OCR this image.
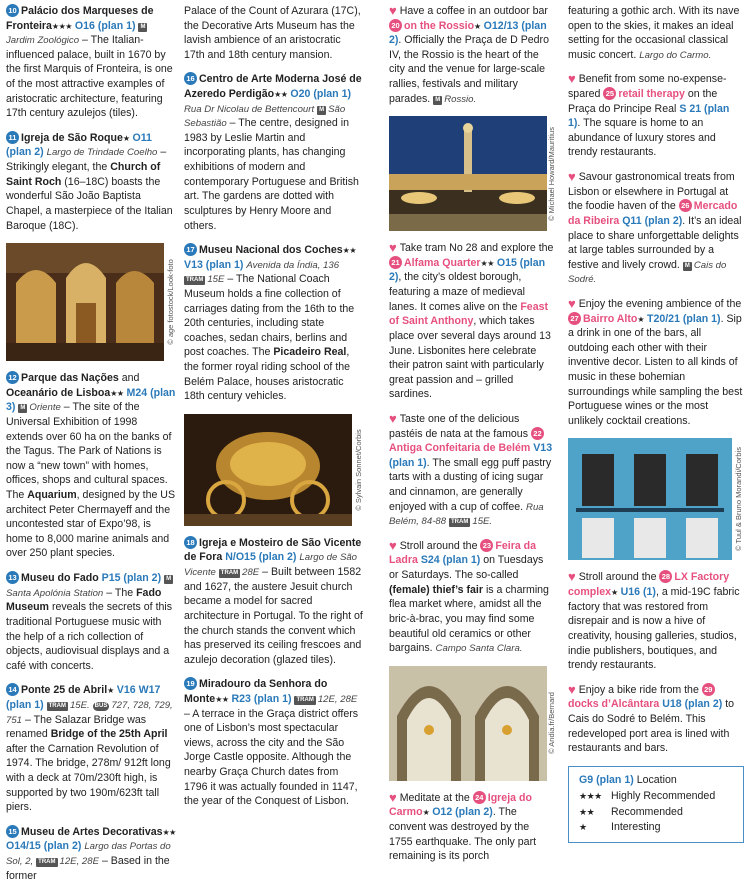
10 Palácio dos Marqueses de Fronteira★★★ O16 (plan 1) MJardim Zoológico – The Italian-influenced palace, built in 1670 by the first Marquis of Fronteira, is one of the most attractive examples of aristocratic architecture, featuring 17th century azulejos (tiles).
11 Igreja de São Roque★ O11 (plan 2) Largo de Trindade Coelho – Strikingly elegant, the Church of Saint Roch (16–18C) boasts the wonderful São João Baptista Chapel, a masterpiece of the Italian Baroque (18C).
© age fotostock/Look-foto
12 Parque das Nações and Oceanário de Lisboa★★ M24 (plan 3) M Oriente – The site of the Universal Exhibition of 1998 extends over 60 ha on the banks of the Tagus. The Park of Nations is now a “new town” with homes, offices, shops and cultural spaces. The Aquarium, designed by the US architect Peter Chermayeff and the uncontested star of Expo’98, is home to 8,000 marine animals and over 250 plant species.
13 Museu do Fado P15 (plan 2) MSanta Apolónia Station – The Fado Museum reveals the secrets of this traditional Portuguese music with the help of a rich collection of objects, audiovisual displays and a café with concerts.
14 Ponte 25 de Abril★ V16 W17 (plan 1) TRAM 15E. BUS 727, 728, 729, 751 – The Salazar Bridge was renamed Bridge of the 25th April after the Carnation Revolution of 1974. The bridge, 278m/ 912ft long with a deck at 70m/230ft high, is supported by two 190m/623ft tall piers.
15 Museu de Artes Decorativas★★ O14/15 (plan 2) Largo das Portas do Sol, 2, TRAM 12E, 28E – Based in the former
Palace of the Count of Azurara (17C), the Decorative Arts Museum has the lavish ambience of an aristocratic 17th and 18th century mansion.
16 Centro de Arte Moderna José de Azeredo Perdigão★★ O20 (plan 1) Rua Dr Nicolau de Bettencourt M São Sebastião – The centre, designed in 1983 by Leslie Martin and incorporating plants, has changing exhibitions of modern and contemporary Portuguese and British art. The gardens are dotted with sculptures by Henry Moore and others.
17 Museu Nacional dos Coches★★ V13 (plan 1) Avenida da Índia, 136 TRAM 15E – The National Coach Museum holds a fine collection of carriages dating from the 16th to the 20th centuries, including state coaches, sedan chairs, berlins and post coaches. The Picadeiro Real, the former royal riding school of the Belém Palace, houses aristocratic 18th century vehicles.
© Sylvain Sonnet/Corbis
18 Igreja e Mosteiro de São Vicente de Fora N/O15 (plan 2) Largo de São Vicente TRAM 28E – Built between 1582 and 1627, the austere Jesuit church became a model for sacred architecture in Portugal. To the right of the church stands the convent which has preserved its ceiling frescoes and azulejo decoration (glazed tiles).
19 Miradouro da Senhora do Monte★★ R23 (plan 1) TRAM 12E, 28E – A terrace in the Graça district offers one of Lisbon’s most spectacular views, across the city and the São Jorge Castle opposite. Although the nearby Graça Church dates from 1796 it was actually founded in 1147, the year of the Conquest of Lisbon.
♥ Have a coffee in an outdoor bar 20 on the Rossio★ O12/13 (plan 2). Officially the Praça de D Pedro IV, the Rossio is the heart of the city and the venue for large-scale rallies, festivals and military parades. M Rossio.
© Michael Howard/Mauritius
♥ Take tram No 28 and explore the 21 Alfama Quarter★★ O15 (plan 2), the city’s oldest borough, featuring a maze of medieval lanes. It comes alive on the Feast of Saint Anthony, which takes place over several days around 13 June. Lisbonites here celebrate their patron saint with particularly great passion and – grilled sardines.
♥ Taste one of the delicious pastéis de nata at the famous 22Antiga Confeitaria de Belém V13 (plan 1). The small egg puff pastry tarts with a dusting of icing sugar and cinnamon, are generally enjoyed with a cup of coffee. Rua Belém, 84-88 TRAM 15E.
♥ Stroll around the 23 Feira da Ladra S24 (plan 1) on Tuesdays or Saturdays. The so-called (female) thief’s fair is a charming flea market where, amidst all the bric-à-brac, you may find some beautiful old ceramics or other bargains. Campo Santa Clara.
© Andia.fr/Bernard
♥ Meditate at the 24 Igreja do Carmo★ O12 (plan 2). The convent was destroyed by the 1755 earthquake. The only part remaining is its porch
featuring a gothic arch. With its nave open to the skies, it makes an ideal setting for the occasional classical music concert. Largo do Carmo.
♥ Benefit from some no-expense-spared 25 retail therapy on the Praça do Principe Real S 21 (plan 1). The square is home to an abundance of luxury stores and trendy restaurants.
♥ Savour gastronomical treats from Lisbon or elsewhere in Portugal at the foodie haven of the 26 Mercado da Ribeira Q11 (plan 2). It’s an ideal place to share unforgettable delights at large tables surrounded by a festive and lively crowd. M Cais do Sodré.
♥ Enjoy the evening ambience of the 27 Bairro Alto★ T20/21 (plan 1). Sip a drink in one of the bars, all outdoing each other with their inventive decor. Listen to all kinds of music in these bohemian surroundings while sampling the best Portuguese wines or the most unlikely cocktail creations.
© Tuul & Bruno Morandi/Corbis
♥ Stroll around the 28 LX Factory complex★ U16 (1), a mid-19C fabric factory that was restored from disrepair and is now a hive of creativity, housing galleries, studios, indie publishers, boutiques, and trendy restaurants.
♥ Enjoy a bike ride from the 29docks d’Alcântara U18 (plan 2) to Cais do Sodré to Belém. This redeveloped port area is lined with restaurants and bars.
G9 (plan 1) Location
★★★ Highly Recommended
★★ Recommended
★ Interesting
